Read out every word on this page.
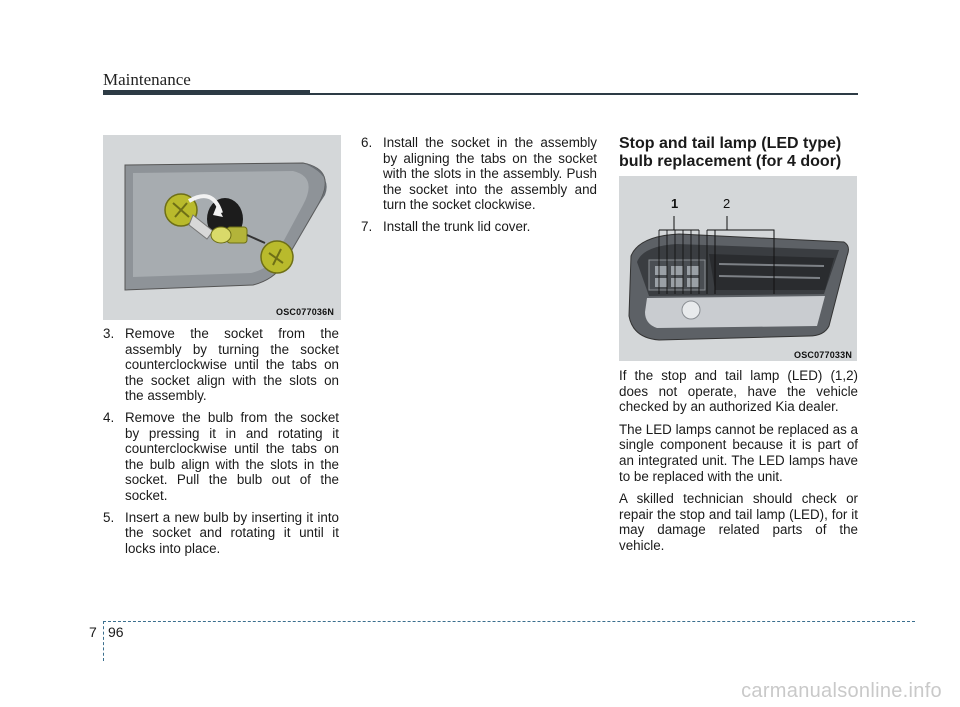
Maintenance
OSC077036N
3. Remove the socket from the assembly by turning the socket counterclockwise until the tabs on the socket align with the slots on the assembly.
4. Remove the bulb from the socket by pressing it in and rotating it counterclockwise until the tabs on the bulb align with the slots in the socket. Pull the bulb out of the socket.
5. Insert a new bulb by inserting it into the socket and rotating it until it locks into place.
6. Install the socket in the assembly by aligning the tabs on the socket with the slots in the assembly. Push the socket into the assembly and turn the socket clockwise.
7. Install the trunk lid cover.
Stop and tail lamp (LED type) bulb replacement (for 4 door)
1	2
OSC077033N

If the stop and tail lamp (LED) (1,2) does not operate, have the vehicle checked by an authorized Kia dealer.

The LED lamps cannot be replaced as a single component because it is part of an integrated unit. The LED lamps have to be replaced with the unit.

A skilled technician should check or repair the stop and tail lamp (LED), for it may damage related parts of the vehicle.

7 96
carmanualsonline.info
